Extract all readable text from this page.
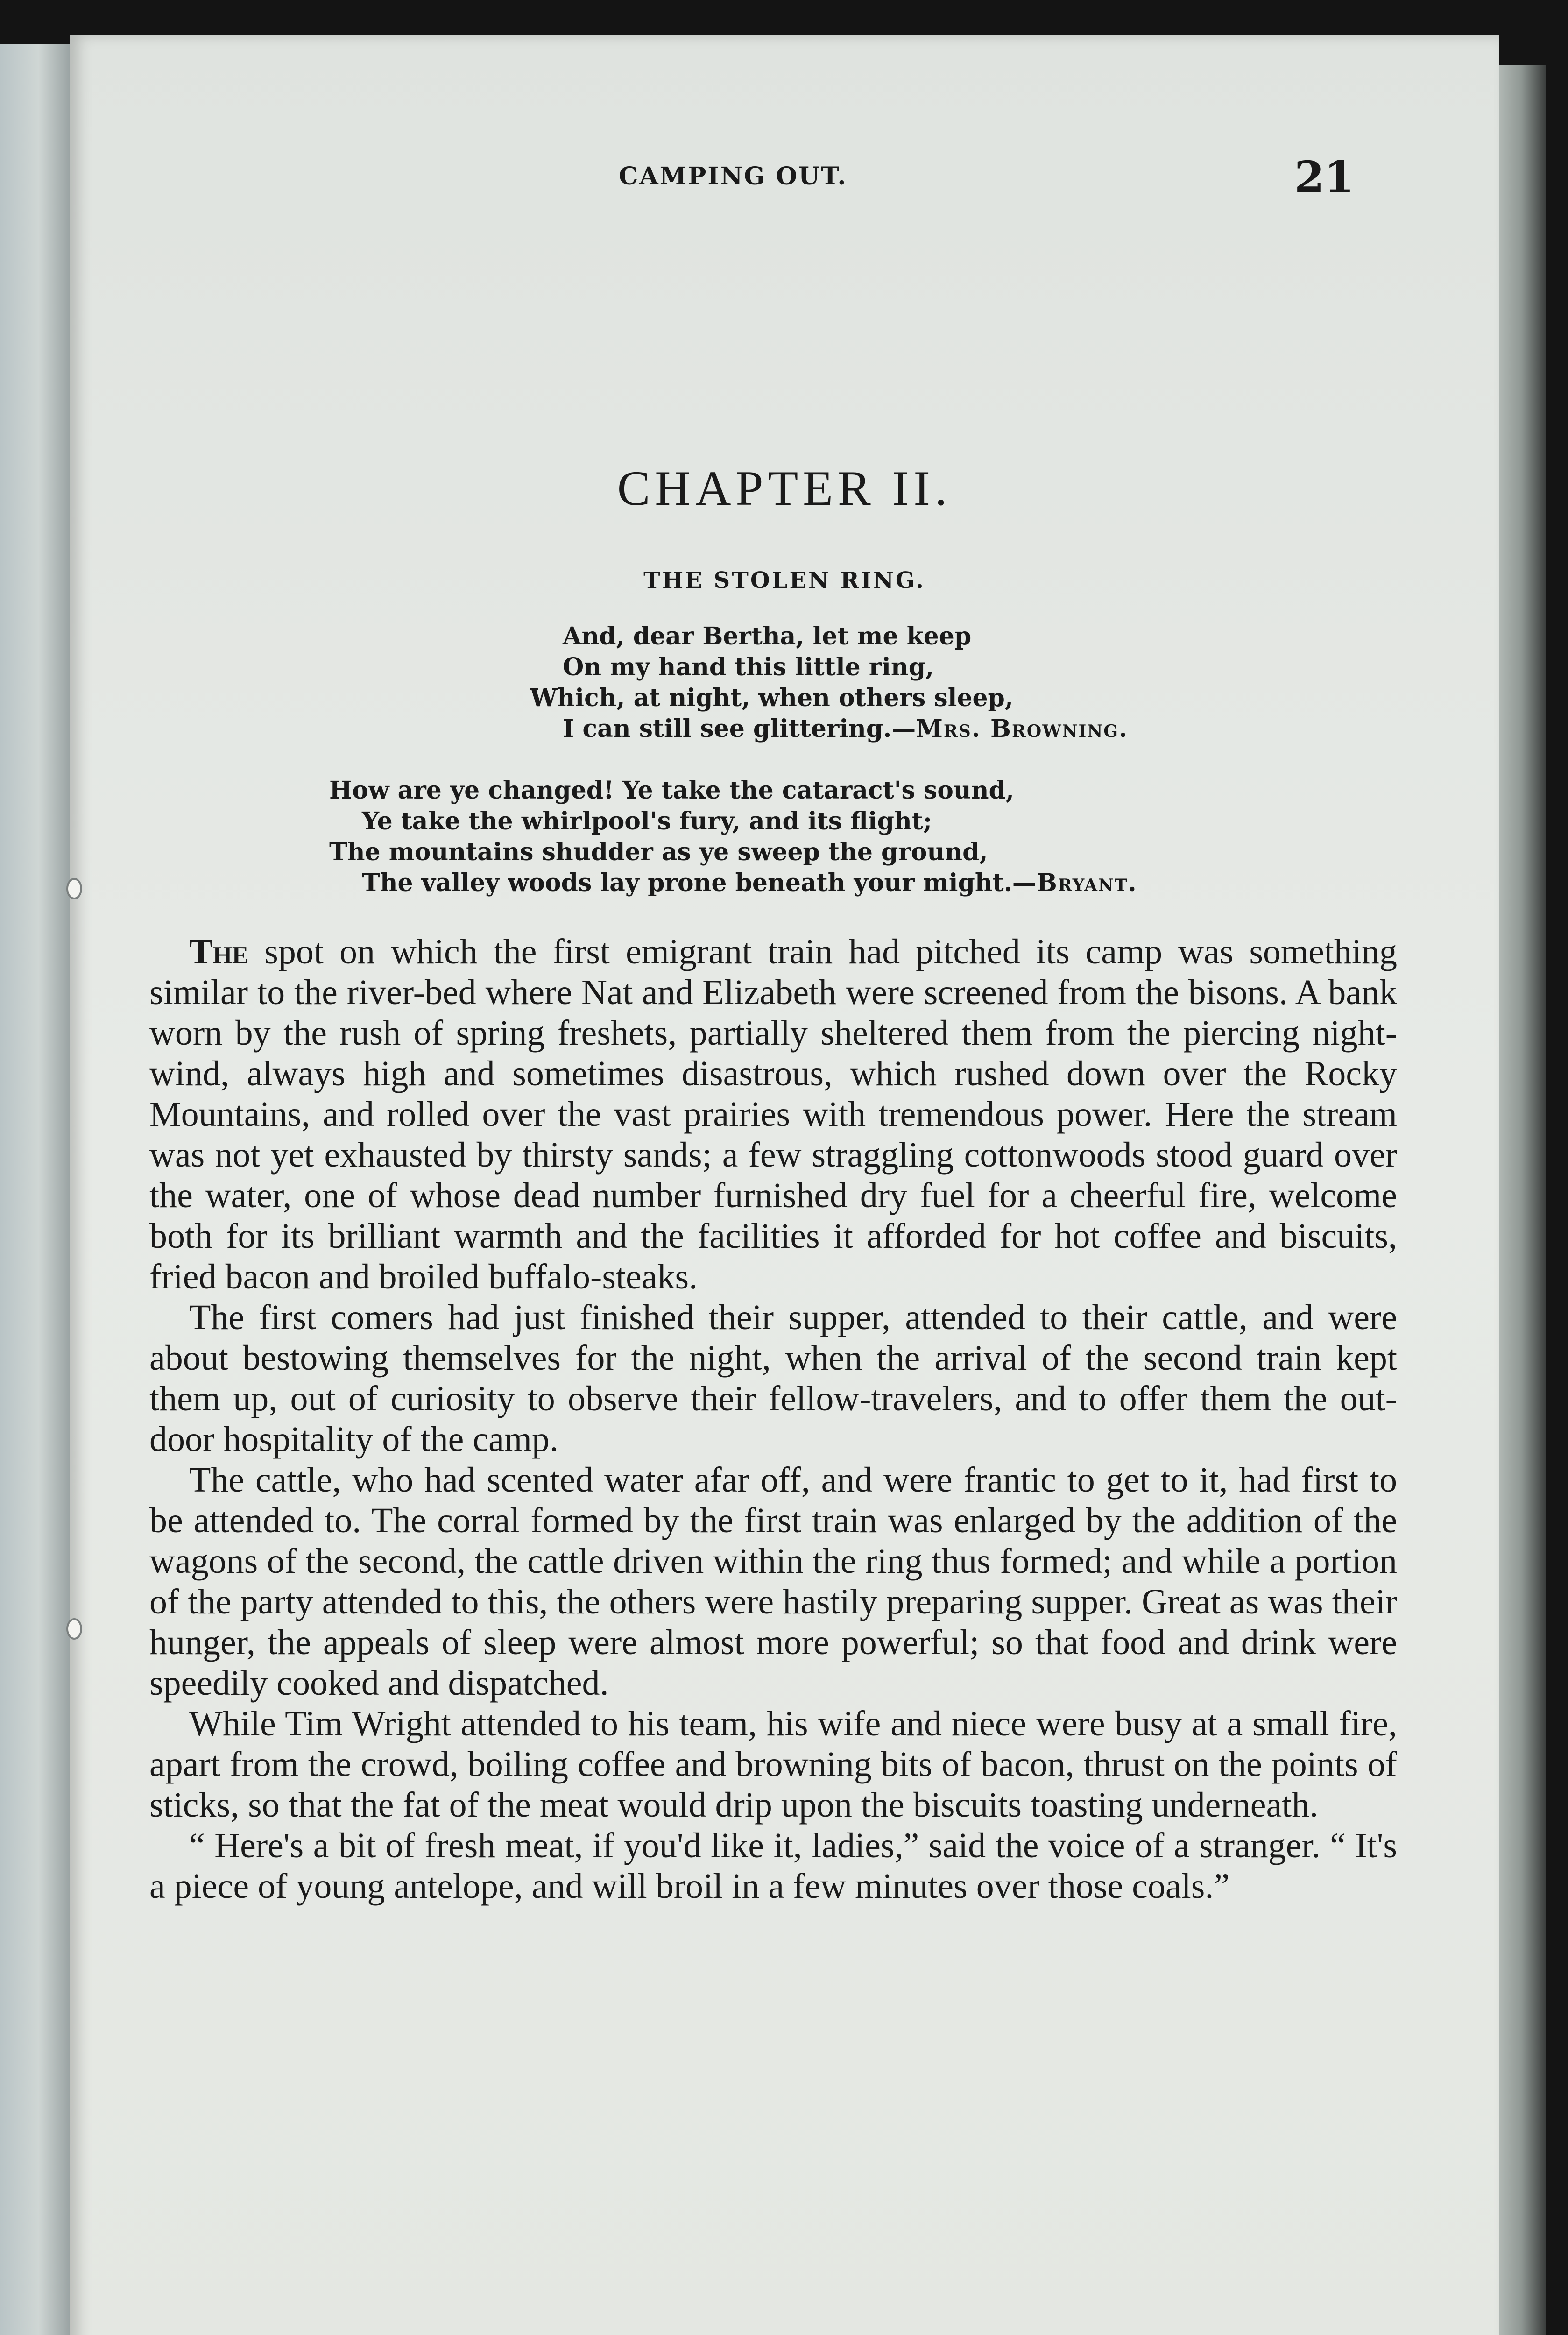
CAMPING OUT.	21
CHAPTER II.
THE STOLEN RING.
And, dear Bertha, let me keep
On my hand this little ring,
Which, at night, when others sleep,
I can still see glittering.—Mrs. Browning.
How are ye changed! Ye take the cataract's sound,
Ye take the whirlpool's fury, and its flight;
The mountains shudder as ye sweep the ground,
The valley woods lay prone beneath your might.—Bryant.

The spot on which the first emigrant train had pitched its camp was something similar to the river-bed where Nat and Elizabeth were screened from the bisons. A bank worn by the rush of spring freshets, partially sheltered them from the piercing night-wind, always high and sometimes disastrous, which rushed down over the Rocky Mountains, and rolled over the vast prairies with tremendous power. Here the stream was not yet exhausted by thirsty sands; a few straggling cottonwoods stood guard over the water, one of whose dead number furnished dry fuel for a cheerful fire, welcome both for its brilliant warmth and the facilities it afforded for hot coffee and biscuits, fried bacon and broiled buffalo-steaks.

The first comers had just finished their supper, attended to their cattle, and were about bestowing themselves for the night, when the arrival of the second train kept them up, out of curiosity to observe their fellow-travelers, and to offer them the out-door hospitality of the camp.

The cattle, who had scented water afar off, and were frantic to get to it, had first to be attended to. The corral formed by the first train was enlarged by the addition of the wagons of the second, the cattle driven within the ring thus formed; and while a portion of the party attended to this, the others were hastily preparing supper. Great as was their hunger, the appeals of sleep were almost more powerful; so that food and drink were speedily cooked and dispatched.

While Tim Wright attended to his team, his wife and niece were busy at a small fire, apart from the crowd, boiling coffee and browning bits of bacon, thrust on the points of sticks, so that the fat of the meat would drip upon the biscuits toasting underneath.

“ Here's a bit of fresh meat, if you'd like it, ladies,” said the voice of a stranger. “ It's a piece of young antelope, and will broil in a few minutes over those coals.”
